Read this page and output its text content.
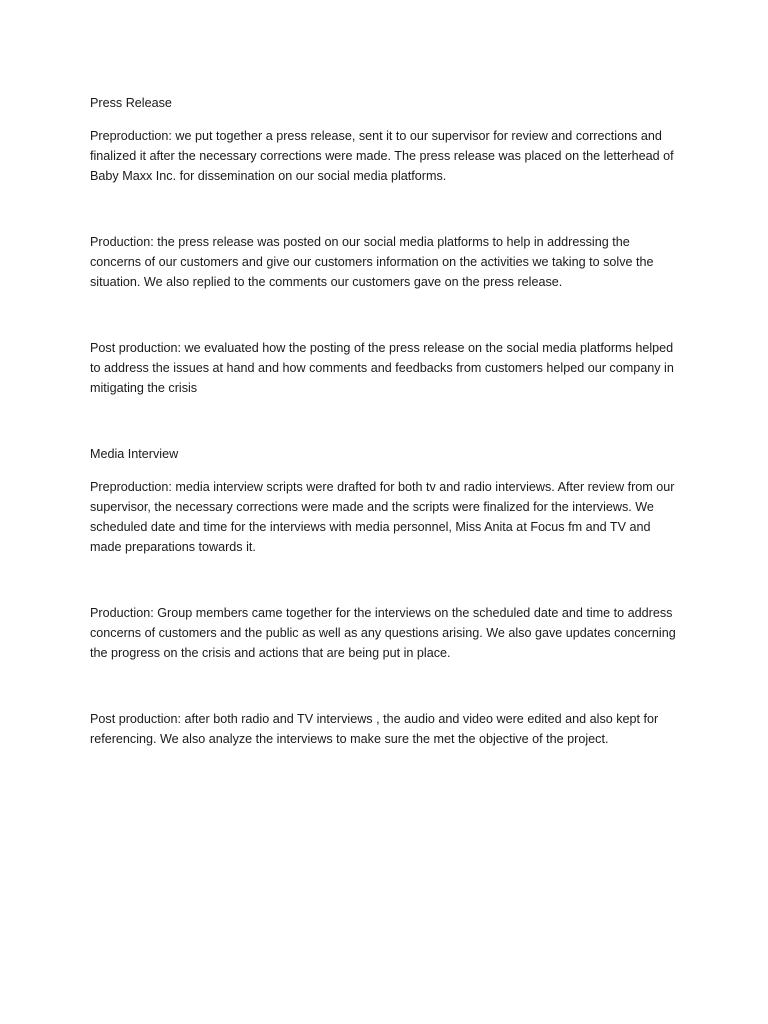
Press Release

Preproduction: we put together a press release, sent it to our supervisor for review and corrections and finalized it after the necessary corrections were made. The press release was placed on the letterhead of Baby Maxx Inc. for dissemination on our social media platforms.

Production: the press release was posted on our social media platforms to help in addressing the concerns of our customers and give our customers information on the activities we taking to solve the situation. We also replied to the comments our customers gave on the press release.

Post production: we evaluated how the posting of the press release on the social media platforms helped to address the issues at hand and how comments and feedbacks from customers helped our company in mitigating the crisis

Media Interview

Preproduction: media interview scripts were drafted for both tv and radio interviews. After review from our supervisor, the necessary corrections were made and the scripts were finalized for the interviews. We scheduled date and time for the interviews with media personnel, Miss Anita at Focus fm and TV and made preparations towards it.

Production: Group members came together for the interviews on the scheduled date and time to address concerns of customers and the public as well as any questions arising. We also gave updates concerning the progress on the crisis and actions that are being put in place.

Post production: after both radio and TV interviews , the audio and video were edited and also kept for referencing. We also analyze the interviews to make sure the met the objective of the project.
